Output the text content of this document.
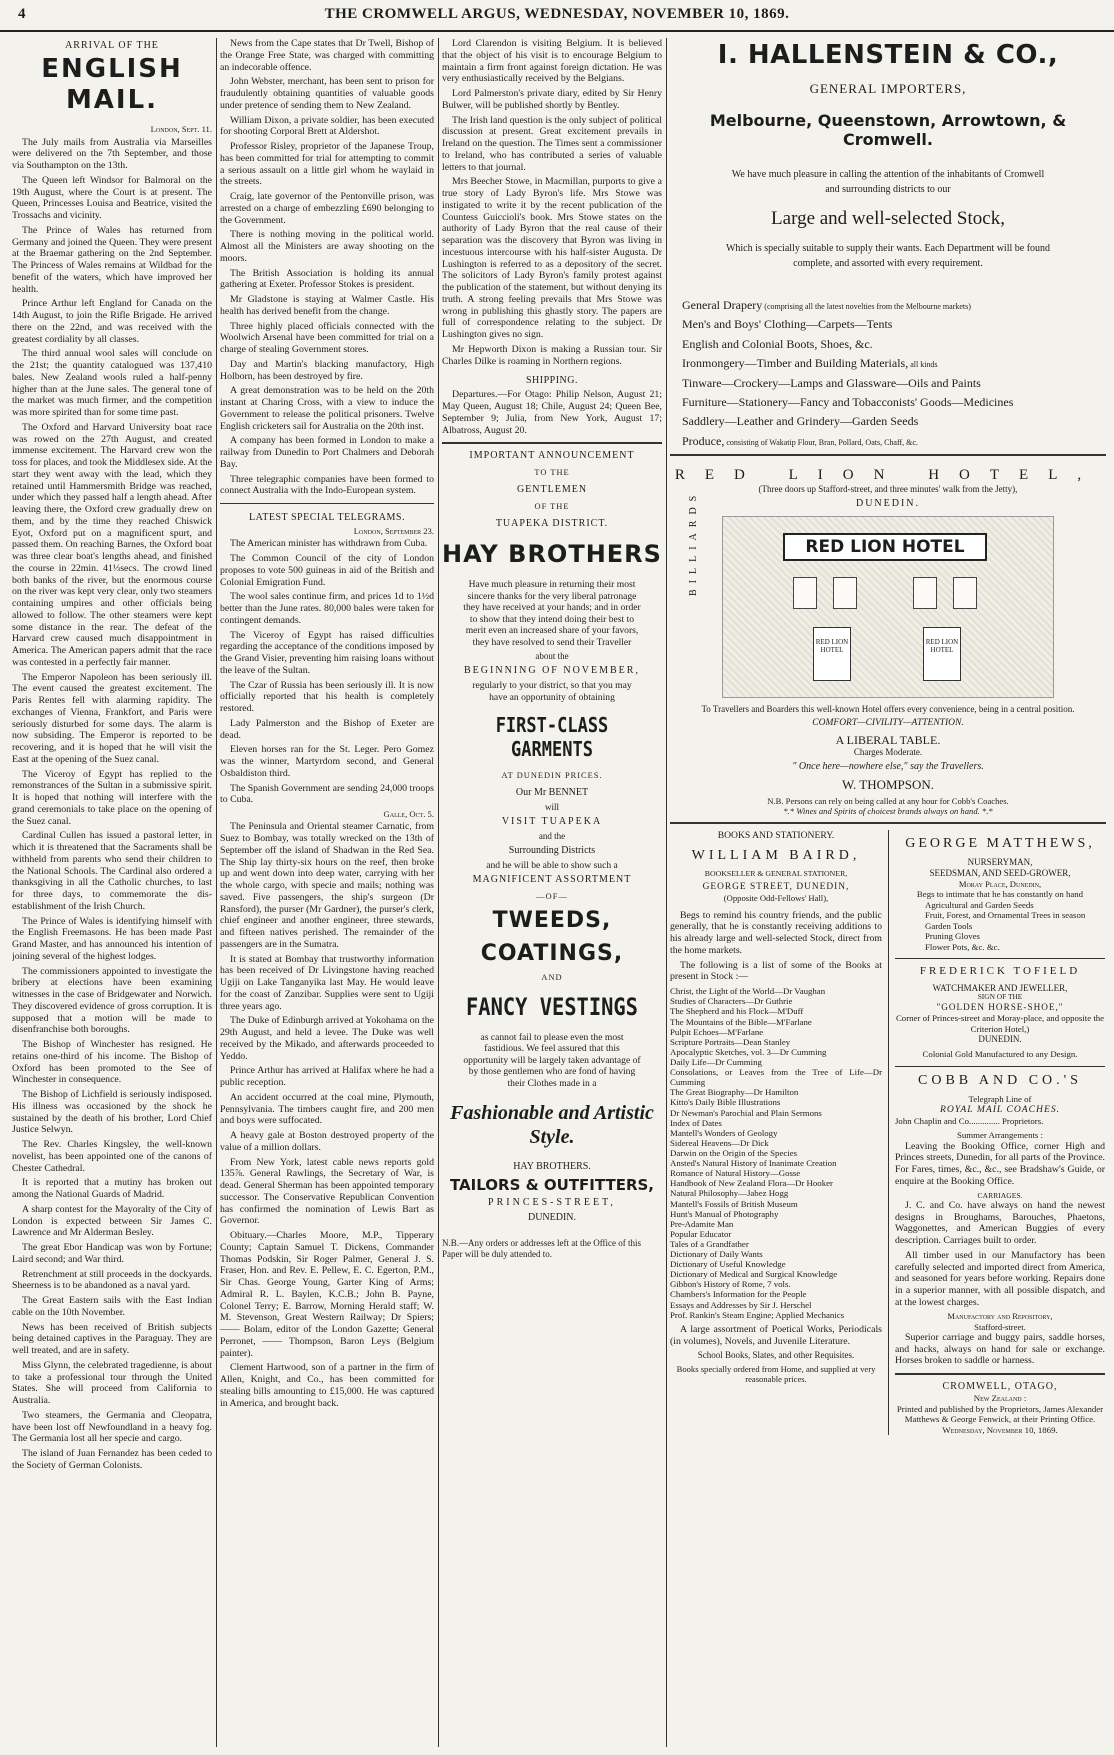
4	THE CROMWELL ARGUS, WEDNESDAY, NOVEMBER 10, 1869.
ARRIVAL OF THE
ENGLISH MAIL.
London, Sept. 11.

The July mails from Australia via Marseilles were delivered on the 7th September, and those via Southampton on the 13th.

The Queen left Windsor for Balmoral on the 19th August, where the Court is at present. The Queen, Princesses Louisa and Beatrice, visited the Trossachs and vicinity.

The Prince of Wales has returned from Germany and joined the Queen. They were present at the Braemar gathering on the 2nd September. The Princess of Wales remains at Wildbad for the benefit of the waters, which have improved her health.

Prince Arthur left England for Canada on the 14th August, to join the Rifle Brigade. He arrived there on the 22nd, and was received with the greatest cordiality by all classes.

The third annual wool sales will conclude on the 21st; the quantity catalogued was 137,410 bales. New Zealand wools ruled a half-penny higher than at the June sales. The general tone of the market was much firmer, and the competition was more spirited than for some time past.

The Oxford and Harvard University boat race was rowed on the 27th August, and created immense excitement. The Harvard crew won the toss for places, and took the Middlesex side. At the start they went away with the lead, which they retained until Hammersmith Bridge was reached, under which they passed half a length ahead. After leaving there, the Oxford crew gradually drew on them, and by the time they reached Chiswick Eyot, Oxford put on a magnificent spurt, and passed them. On reaching Barnes, the Oxford boat was three clear boat's lengths ahead, and finished the course in 22min. 41⅓secs. The crowd lined both banks of the river, but the enormous course on the river was kept very clear, only two steamers containing umpires and other officials being allowed to follow. The other steamers were kept some distance in the rear. The defeat of the Harvard crew caused much disappointment in America. The American papers admit that the race was contested in a perfectly fair manner.

The Emperor Napoleon has been seriously ill. The event caused the greatest excitement. The Paris Rentes fell with alarming rapidity. The exchanges of Vienna, Frankfort, and Paris were seriously disturbed for some days. The alarm is now subsiding. The Emperor is reported to be recovering, and it is hoped that he will visit the East at the opening of the Suez canal.

The Viceroy of Egypt has replied to the remonstrances of the Sultan in a submissive spirit. It is hoped that nothing will interfere with the grand ceremonials to take place on the opening of the Suez canal.

Cardinal Cullen has issued a pastoral letter, in which it is threatened that the Sacraments shall be withheld from parents who send their children to the National Schools. The Cardinal also ordered a thanksgiving in all the Catholic churches, to last for three days, to commemorate the dis-establishment of the Irish Church.

The Prince of Wales is identifying himself with the English Freemasons. He has been made Past Grand Master, and has announced his intention of joining several of the highest lodges.

The commissioners appointed to investigate the bribery at elections have been examining witnesses in the case of Bridgewater and Norwich. They discovered evidence of gross corruption. It is supposed that a motion will be made to disenfranchise both boroughs.

The Bishop of Winchester has resigned. He retains one-third of his income. The Bishop of Oxford has been promoted to the See of Winchester in consequence.

The Bishop of Lichfield is seriously indisposed. His illness was occasioned by the shock he sustained by the death of his brother, Lord Chief Justice Selwyn.

The Rev. Charles Kingsley, the well-known novelist, has been appointed one of the canons of Chester Cathedral.

It is reported that a mutiny has broken out among the National Guards of Madrid.

A sharp contest for the Mayoralty of the City of London is expected between Sir James C. Lawrence and Mr Alderman Besley.

The great Ebor Handicap was won by Fortune; Laird second; and War third.

Retrenchment at still proceeds in the dockyards. Sheerness is to be abandoned as a naval yard.

The Great Eastern sails with the East Indian cable on the 10th November.

News has been received of British subjects being detained captives in the Paraguay. They are well treated, and are in safety.

Miss Glynn, the celebrated tragedienne, is about to take a professional tour through the United States. She will proceed from California to Australia.

Two steamers, the Germania and Cleopatra, have been lost off Newfoundland in a heavy fog. The Germania lost all her specie and cargo.

The island of Juan Fernandez has been ceded to the Society of German Colonists.

News from the Cape states that Dr Twell, Bishop of the Orange Free State, was charged with committing an indecorable offence.

John Webster, merchant, has been sent to prison for fraudulently obtaining quantities of valuable goods under pretence of sending them to New Zealand.

William Dixon, a private soldier, has been executed for shooting Corporal Brett at Aldershot.

Professor Risley, proprietor of the Japanese Troup, has been committed for trial for attempting to commit a serious assault on a little girl whom he waylaid in the streets.

Craig, late governor of the Pentonville prison, was arrested on a charge of embezzling £690 belonging to the Government.

There is nothing moving in the political world. Almost all the Ministers are away shooting on the moors.

The British Association is holding its annual gathering at Exeter. Professor Stokes is president.

Mr Gladstone is staying at Walmer Castle. His health has derived benefit from the change.

Three highly placed officials connected with the Woolwich Arsenal have been committed for trial on a charge of stealing Government stores.

Day and Martin's blacking manufactory, High Holborn, has been destroyed by fire.

A great demonstration was to be held on the 20th instant at Charing Cross, with a view to induce the Government to release the political prisoners. Twelve English cricketers sail for Australia on the 20th inst.

A company has been formed in London to make a railway from Dunedin to Port Chalmers and Deborah Bay.

Three telegraphic companies have been formed to connect Australia with the Indo-European system.

LATEST SPECIAL TELEGRAMS.
London, September 23.

The American minister has withdrawn from Cuba.

The Common Council of the city of London proposes to vote 500 guineas in aid of the British and Colonial Emigration Fund.

The wool sales continue firm, and prices 1d to 1½d better than the June rates. 80,000 bales were taken for contingent demands.

The Viceroy of Egypt has raised difficulties regarding the acceptance of the conditions imposed by the Grand Visier, preventing him raising loans without the leave of the Sultan.

The Czar of Russia has been seriously ill. It is now officially reported that his health is completely restored.

Lady Palmerston and the Bishop of Exeter are dead.

Eleven horses ran for the St. Leger. Pero Gomez was the winner, Martyrdom second, and General Osbaldiston third.

The Spanish Government are sending 24,000 troops to Cuba.

Galle, Oct. 5.

The Peninsula and Oriental steamer Carnatic, from Suez to Bombay, was totally wrecked on the 13th of September off the island of Shadwan in the Red Sea. The Ship lay thirty-six hours on the reef, then broke up and went down into deep water, carrying with her the whole cargo, with specie and mails; nothing was saved. Five passengers, the ship's surgeon (Dr Ransford), the purser (Mr Gardner), the purser's clerk, chief engineer and another engineer, three stewards, and fifteen natives perished. The remainder of the passengers are in the Sumatra.

It is stated at Bombay that trustworthy information has been received of Dr Livingstone having reached Ugiji on Lake Tanganyika last May. He would leave for the coast of Zanzibar. Supplies were sent to Ugiji three years ago.

The Duke of Edinburgh arrived at Yokohama on the 29th August, and held a levee. The Duke was well received by the Mikado, and afterwards proceeded to Yeddo.

Prince Arthur has arrived at Halifax where he had a public reception.

An accident occurred at the coal mine, Plymouth, Pennsylvania. The timbers caught fire, and 200 men and boys were suffocated.

A heavy gale at Boston destroyed property of the value of a million dollars.

From New York, latest cable news reports gold 135⅞. General Rawlings, the Secretary of War, is dead. General Sherman has been appointed temporary successor. The Conservative Republican Convention has confirmed the nomination of Lewis Bart as Governor.

Obituary.—Charles Moore, M.P., Tipperary County; Captain Samuel T. Dickens, Commander Thomas Podskin, Sir Roger Palmer, General J. S. Fraser, Hon. and Rev. E. Pellew, E. C. Egerton, P.M., Sir Chas. George Young, Garter King of Arms; Admiral R. L. Baylen, K.C.B.; John B. Payne, Colonel Terry; E. Barrow, Morning Herald staff; W. M. Stevenson, Great Western Railway; Dr Spiers; —— Bolam, editor of the London Gazette; General Perronet, —— Thompson, Baron Leys (Belgium painter).

Clement Hartwood, son of a partner in the firm of Allen, Knight, and Co., has been committed for stealing bills amounting to £15,000. He was captured in America, and brought back.

Lord Clarendon is visiting Belgium. It is believed that the object of his visit is to encourage Belgium to maintain a firm front against foreign dictation. He was very enthusiastically received by the Belgians.

Lord Palmerston's private diary, edited by Sir Henry Bulwer, will be published shortly by Bentley.

The Irish land question is the only subject of political discussion at present. Great excitement prevails in Ireland on the question. The Times sent a commissioner to Ireland, who has contributed a series of valuable letters to that journal.

Mrs Beecher Stowe, in Macmillan, purports to give a true story of Lady Byron's life. Mrs Stowe was instigated to write it by the recent publication of the Countess Guiccioli's book. Mrs Stowe states on the authority of Lady Byron that the real cause of their separation was the discovery that Byron was living in incestuous intercourse with his half-sister Augusta. Dr Lushington is referred to as a depository of the secret. The solicitors of Lady Byron's family protest against the publication of the statement, but without denying its truth. A strong feeling prevails that Mrs Stowe was wrong in publishing this ghastly story. The papers are full of correspondence relating to the subject. Dr Lushington gives no sign.

Mr Hepworth Dixon is making a Russian tour. Sir Charles Dilke is roaming in Northern regions.

SHIPPING.

Departures.—For Otago: Philip Nelson, August 21; May Queen, August 18; Chile, August 24; Queen Bee, September 9; Julia, from New York, August 17; Albatross, August 20.

IMPORTANT ANNOUNCEMENT
TO THE
GENTLEMEN
OF THE
TUAPEKA DISTRICT.
HAY BROTHERS
Have much pleasure in returning their most sincere thanks for the very liberal patronage they have received at your hands; and in order to show that they intend doing their best to merit even an increased share of your favors, they have resolved to send their Traveller
about the
BEGINNING OF NOVEMBER,
regularly to your district, so that you may have an opportunity of obtaining
FIRST-CLASS GARMENTS
AT DUNEDIN PRICES.
Our Mr BENNET
will
VISIT TUAPEKA
and the
Surrounding Districts
and he will be able to show such a
MAGNIFICENT ASSORTMENT
—OF—
TWEEDS,
COATINGS,
AND
FANCY VESTINGS
as cannot fail to please even the most fastidious. We feel assured that this opportunity will be largely taken advantage of by those gentlemen who are fond of having their Clothes made in a
Fashionable and Artistic Style.
HAY BROTHERS.
TAILORS & OUTFITTERS,
PRINCES-STREET,
DUNEDIN.
N.B.—Any orders or addresses left at the Office of this Paper will be duly attended to.
I. HALLENSTEIN & CO.,
GENERAL IMPORTERS,
Melbourne, Queenstown, Arrowtown, & Cromwell.
We have much pleasure in calling the attention of the inhabitants of Cromwell
and surrounding districts to our
Large and well-selected Stock,
Which is specially suitable to supply their wants. Each Department will be found
complete, and assorted with every requirement.
General Drapery (comprising all the latest novelties from the Melbourne markets)
Men's and Boys' Clothing—Carpets—Tents
English and Colonial Boots, Shoes, &c.
Ironmongery—Timber and Building Materials, all kinds
Tinware—Crockery—Lamps and Glassware—Oils and Paints
Furniture—Stationery—Fancy and Tobacconists' Goods—Medicines
Saddlery—Leather and Grindery—Garden Seeds
Produce, consisting of Wakatip Flour, Bran, Pollard, Oats, Chaff, &c.
RED LION HOTEL,
(Three doors up Stafford-street, and three minutes' walk from the Jetty),
DUNEDIN.
BILLIARDS	RED LION HOTEL
RED LION HOTEL
RED LION HOTEL
To Travellers and Boarders this well-known Hotel offers every convenience, being in a central position.
COMFORT—CIVILITY—ATTENTION.
A LIBERAL TABLE.
Charges Moderate.
" Once here—nowhere else," say the Travellers.
W. THOMPSON.
N.B. Persons can rely on being called at any hour for Cobb's Coaches.
*.* Wines and Spirits of choicest brands always on hand. *.*
BOOKS AND STATIONERY.
WILLIAM BAIRD,
BOOKSELLER & GENERAL STATIONER,
GEORGE STREET, DUNEDIN,
(Opposite Odd-Fellows' Hall),

Begs to remind his country friends, and the public generally, that he is constantly receiving additions to his already large and well-selected Stock, direct from the home markets.

The following is a list of some of the Books at present in Stock :—

Christ, the Light of the World—Dr Vaughan
Studies of Characters—Dr Guthrie
The Shepherd and his Flock—M'Duff
The Mountains of the Bible—M'Farlane
Pulpit Echoes—M'Farlane
Scripture Portraits—Dean Stanley
Apocalyptic Sketches, vol. 3—Dr Cumming
Daily Life—Dr Cumming
Consolations, or Leaves from the Tree of Life—Dr Cumming
The Great Biography—Dr Hamilton
Kitto's Daily Bible Illustrations
Dr Newman's Parochial and Plain Sermons
Index of Dates
Mantell's Wonders of Geology
Sidereal Heavens—Dr Dick
Darwin on the Origin of the Species
Ansted's Natural History of Inanimate Creation
Romance of Natural History—Gosse
Handbook of New Zealand Flora—Dr Hooker
Natural Philosophy—Jabez Hogg
Mantell's Fossils of British Museum
Hunt's Manual of Photography
Pre-Adamite Man
Popular Educator
Tales of a Grandfather
Dictionary of Daily Wants
Dictionary of Useful Knowledge
Dictionary of Medical and Surgical Knowledge
Gibbon's History of Rome, 7 vols.
Chambers's Information for the People
Essays and Addresses by Sir J. Herschel
Prof. Rankin's Steam Engine; Applied Mechanics

A large assortment of Poetical Works, Periodicals (in volumes), Novels, and Juvenile Literature.

School Books, Slates, and other Requisites.
Books specially ordered from Home, and supplied at very reasonable prices.
GEORGE MATTHEWS,
NURSERYMAN,
SEEDSMAN, AND SEED-GROWER,
Moray Place, Dunedin,
Begs to intimate that he has constantly on hand
Agricultural and Garden Seeds
Fruit, Forest, and Ornamental Trees in season
Garden Tools
Pruning Gloves
Flower Pots, &c. &c.
FREDERICK TOFIELD
WATCHMAKER AND JEWELLER,
SIGN OF THE
"GOLDEN HORSE-SHOE,"
Corner of Princes-street and Moray-place, and opposite the Criterion Hotel,)
DUNEDIN.
Colonial Gold Manufactured to any Design.
COBB AND CO.'S
Telegraph Line of
ROYAL MAIL COACHES.
John Chaplin and Co.............. Proprietors.
Summer Arrangements :

Leaving the Booking Office, corner High and Princes streets, Dunedin, for all parts of the Province. For Fares, times, &c., &c., see Bradshaw's Guide, or enquire at the Booking Office.

CARRIAGES.

J. C. and Co. have always on hand the newest designs in Broughams, Barouches, Phaetons, Waggonettes, and American Buggies of every description. Carriages built to order.

All timber used in our Manufactory has been carefully selected and imported direct from America, and seasoned for years before working. Repairs done in a superior manner, with all possible dispatch, and at the lowest charges.

Manufactory and Repository,
Stafford-street.

Superior carriage and buggy pairs, saddle horses, and hacks, always on hand for sale or exchange. Horses broken to saddle or harness.

CROMWELL, OTAGO,
New Zealand :
Printed and published by the Proprietors, James Alexander Matthews & George Fenwick, at their Printing Office.
Wednesday, November 10, 1869.
